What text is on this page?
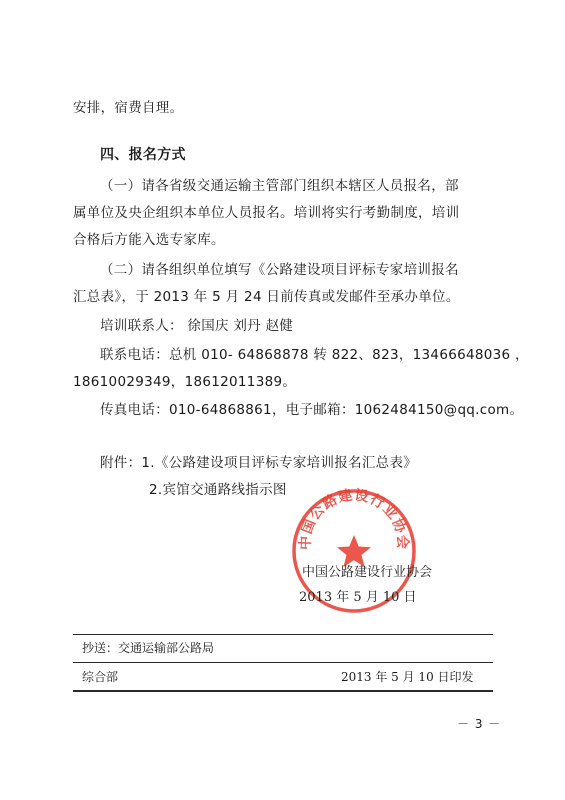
安排，宿费自理。
四、报名方式
（一）请各省级交通运输主管部门组织本辖区人员报名，部
属单位及央企组织本单位人员报名。培训将实行考勤制度，培训
合格后方能入选专家库。
（二）请各组织单位填写《公路建设项目评标专家培训报名
汇总表》，于 2013 年 5 月 24 日前传真或发邮件至承办单位。
培训联系人： 徐国庆 刘丹 赵健
联系电话：总机 010- 64868878 转 822、823，13466648036 ，
18610029349，18612011389。
传真电话：010-64868861，电子邮箱：1062484150@qq.com。
附件：1.《公路建设项目评标专家培训报名汇总表》
2.宾馆交通路线指示图
中国公路建设行业协会
中国公路建设行业协会
2013 年 5 月 10 日
抄送：交通运输部公路局
综合部	2013 年 5 月 10 日印发
－ 3 －
